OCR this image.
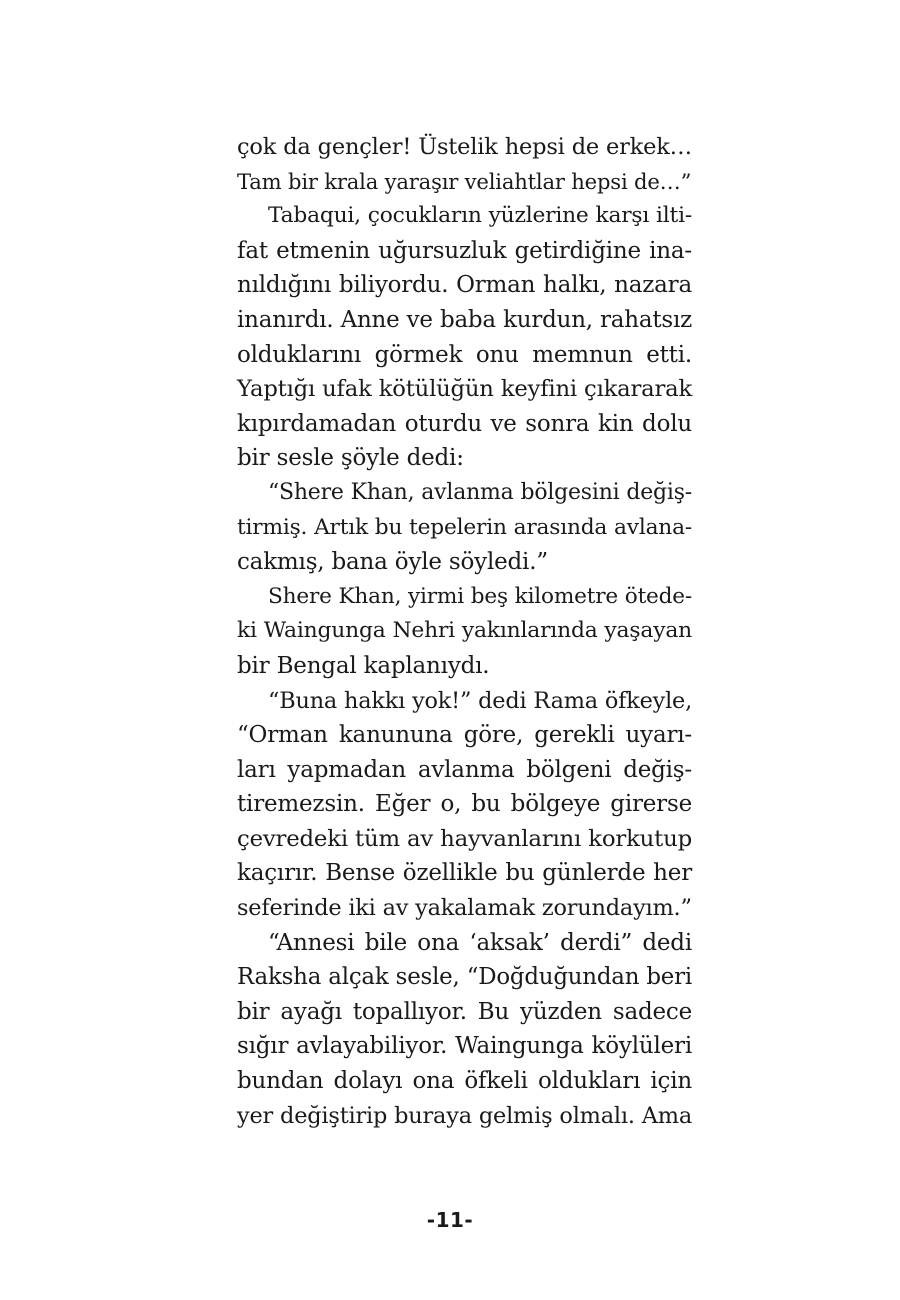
çok da gençler! Üstelik hepsi de erkek…
Tam bir krala yaraşır veliahtlar hepsi de…”
Tabaqui, çocukların yüzlerine karşı ilti-
fat etmenin uğursuzluk getirdiğine ina-
nıldığını biliyordu. Orman halkı, nazara
inanırdı. Anne ve baba kurdun, rahatsız
olduklarını görmek onu memnun etti.
Yaptığı ufak kötülüğün keyfini çıkararak
kıpırdamadan oturdu ve sonra kin dolu
bir sesle şöyle dedi:
“Shere Khan, avlanma bölgesini değiş-
tirmiş. Artık bu tepelerin arasında avlana-
cakmış, bana öyle söyledi.”
Shere Khan, yirmi beş kilometre ötede-
ki Waingunga Nehri yakınlarında yaşayan
bir Bengal kaplanıydı.
“Buna hakkı yok!” dedi Rama öfkeyle,
“Orman kanununa göre, gerekli uyarı-
ları yapmadan avlanma bölgeni değiş-
tiremezsin. Eğer o, bu bölgeye girerse
çevredeki tüm av hayvanlarını korkutup
kaçırır. Bense özellikle bu günlerde her
seferinde iki av yakalamak zorundayım.”
“Annesi bile ona ‘aksak’ derdi” dedi
Raksha alçak sesle, “Doğduğundan beri
bir ayağı topallıyor. Bu yüzden sadece
sığır avlayabiliyor. Waingunga köylüleri
bundan dolayı ona öfkeli oldukları için
yer değiştirip buraya gelmiş olmalı. Ama
-11-
